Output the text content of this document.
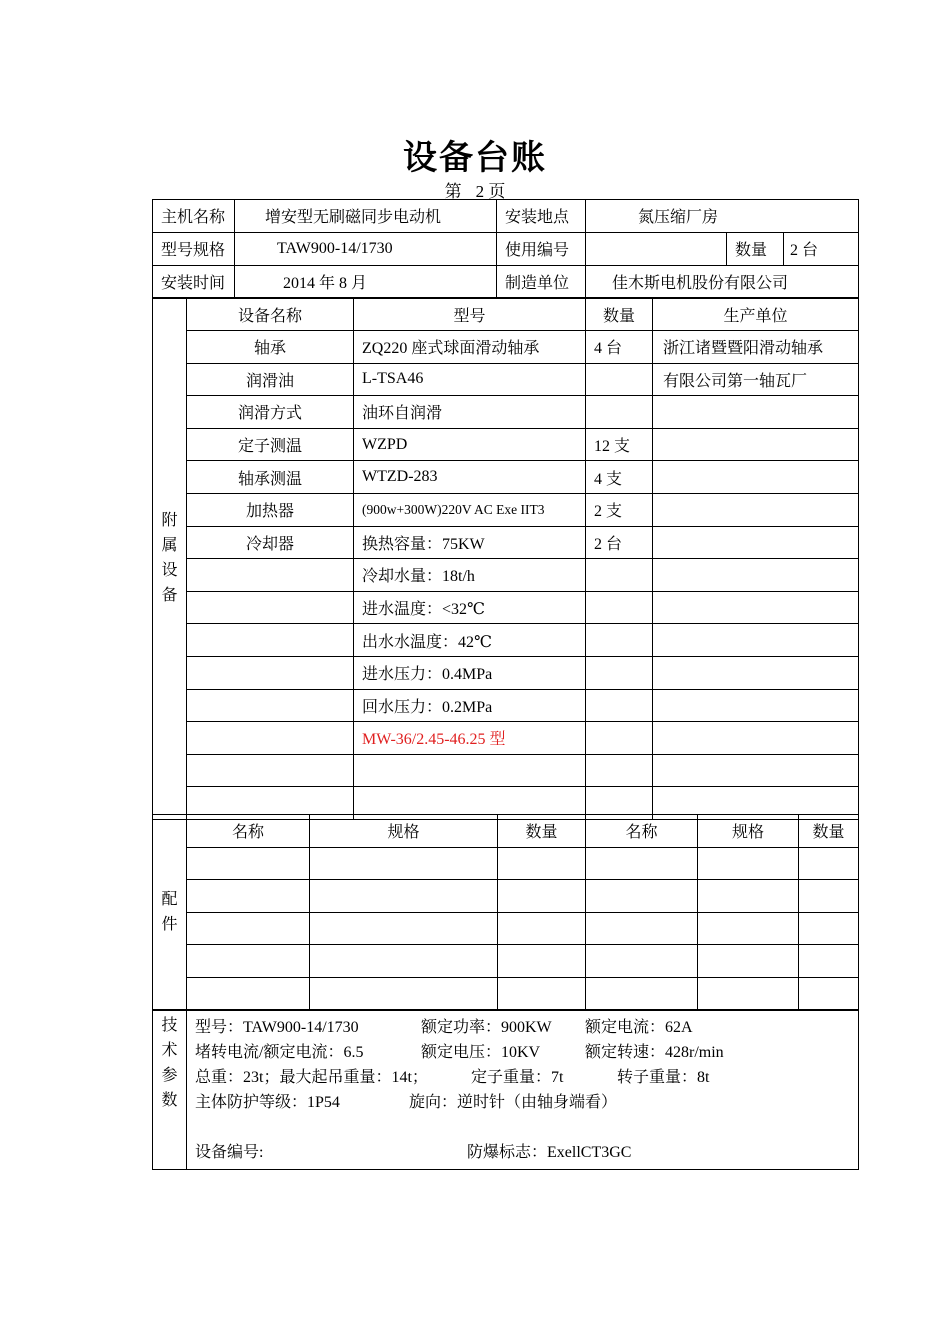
设备台账
第 2 页
主机名称	增安型无刷磁同步电动机	安装地点	氮压缩厂房		
型号规格	TAW900-14/1730	使用编号		数量	2 台
安装时间	2014 年 8 月	制造单位	佳木斯电机股份有限公司		
附
属
设
备	设备名称	型号	数量	生产单位
	轴承	ZQ220 座式球面滑动轴承	4 台	浙江诸暨暨阳滑动轴承
	润滑油	L-TSA46		有限公司第一轴瓦厂
	润滑方式	油环自润滑		
	定子测温	WZPD	12 支	
	轴承测温	WTZD-283	4 支	
	加热器	(900w+300W)220V AC Exe IIT3	2 支	
	冷却器	换热容量：75KW	2 台	
		冷却水量：18t/h		
		进水温度：<32℃		
		出水水温度：42℃		
		进水压力：0.4MPa		
		回水压力：0.2MPa		
		MW-36/2.45-46.25 型		

配
件	名称	规格	数量	名称	规格	数量

技
术
参
数

型号：TAW900-14/1730	额定功率：900KW 额定电流：62A
堵转电流/额定电流：6.5	额定电压：10KV	额定转速：428r/min
总重：23t；最大起吊重量：14t；	定子重量：7t	转子重量：8t
主体防护等级：1P54	旋向：逆时针（由轴身端看）
设备编号:	防爆标志：ExellCT3GC
